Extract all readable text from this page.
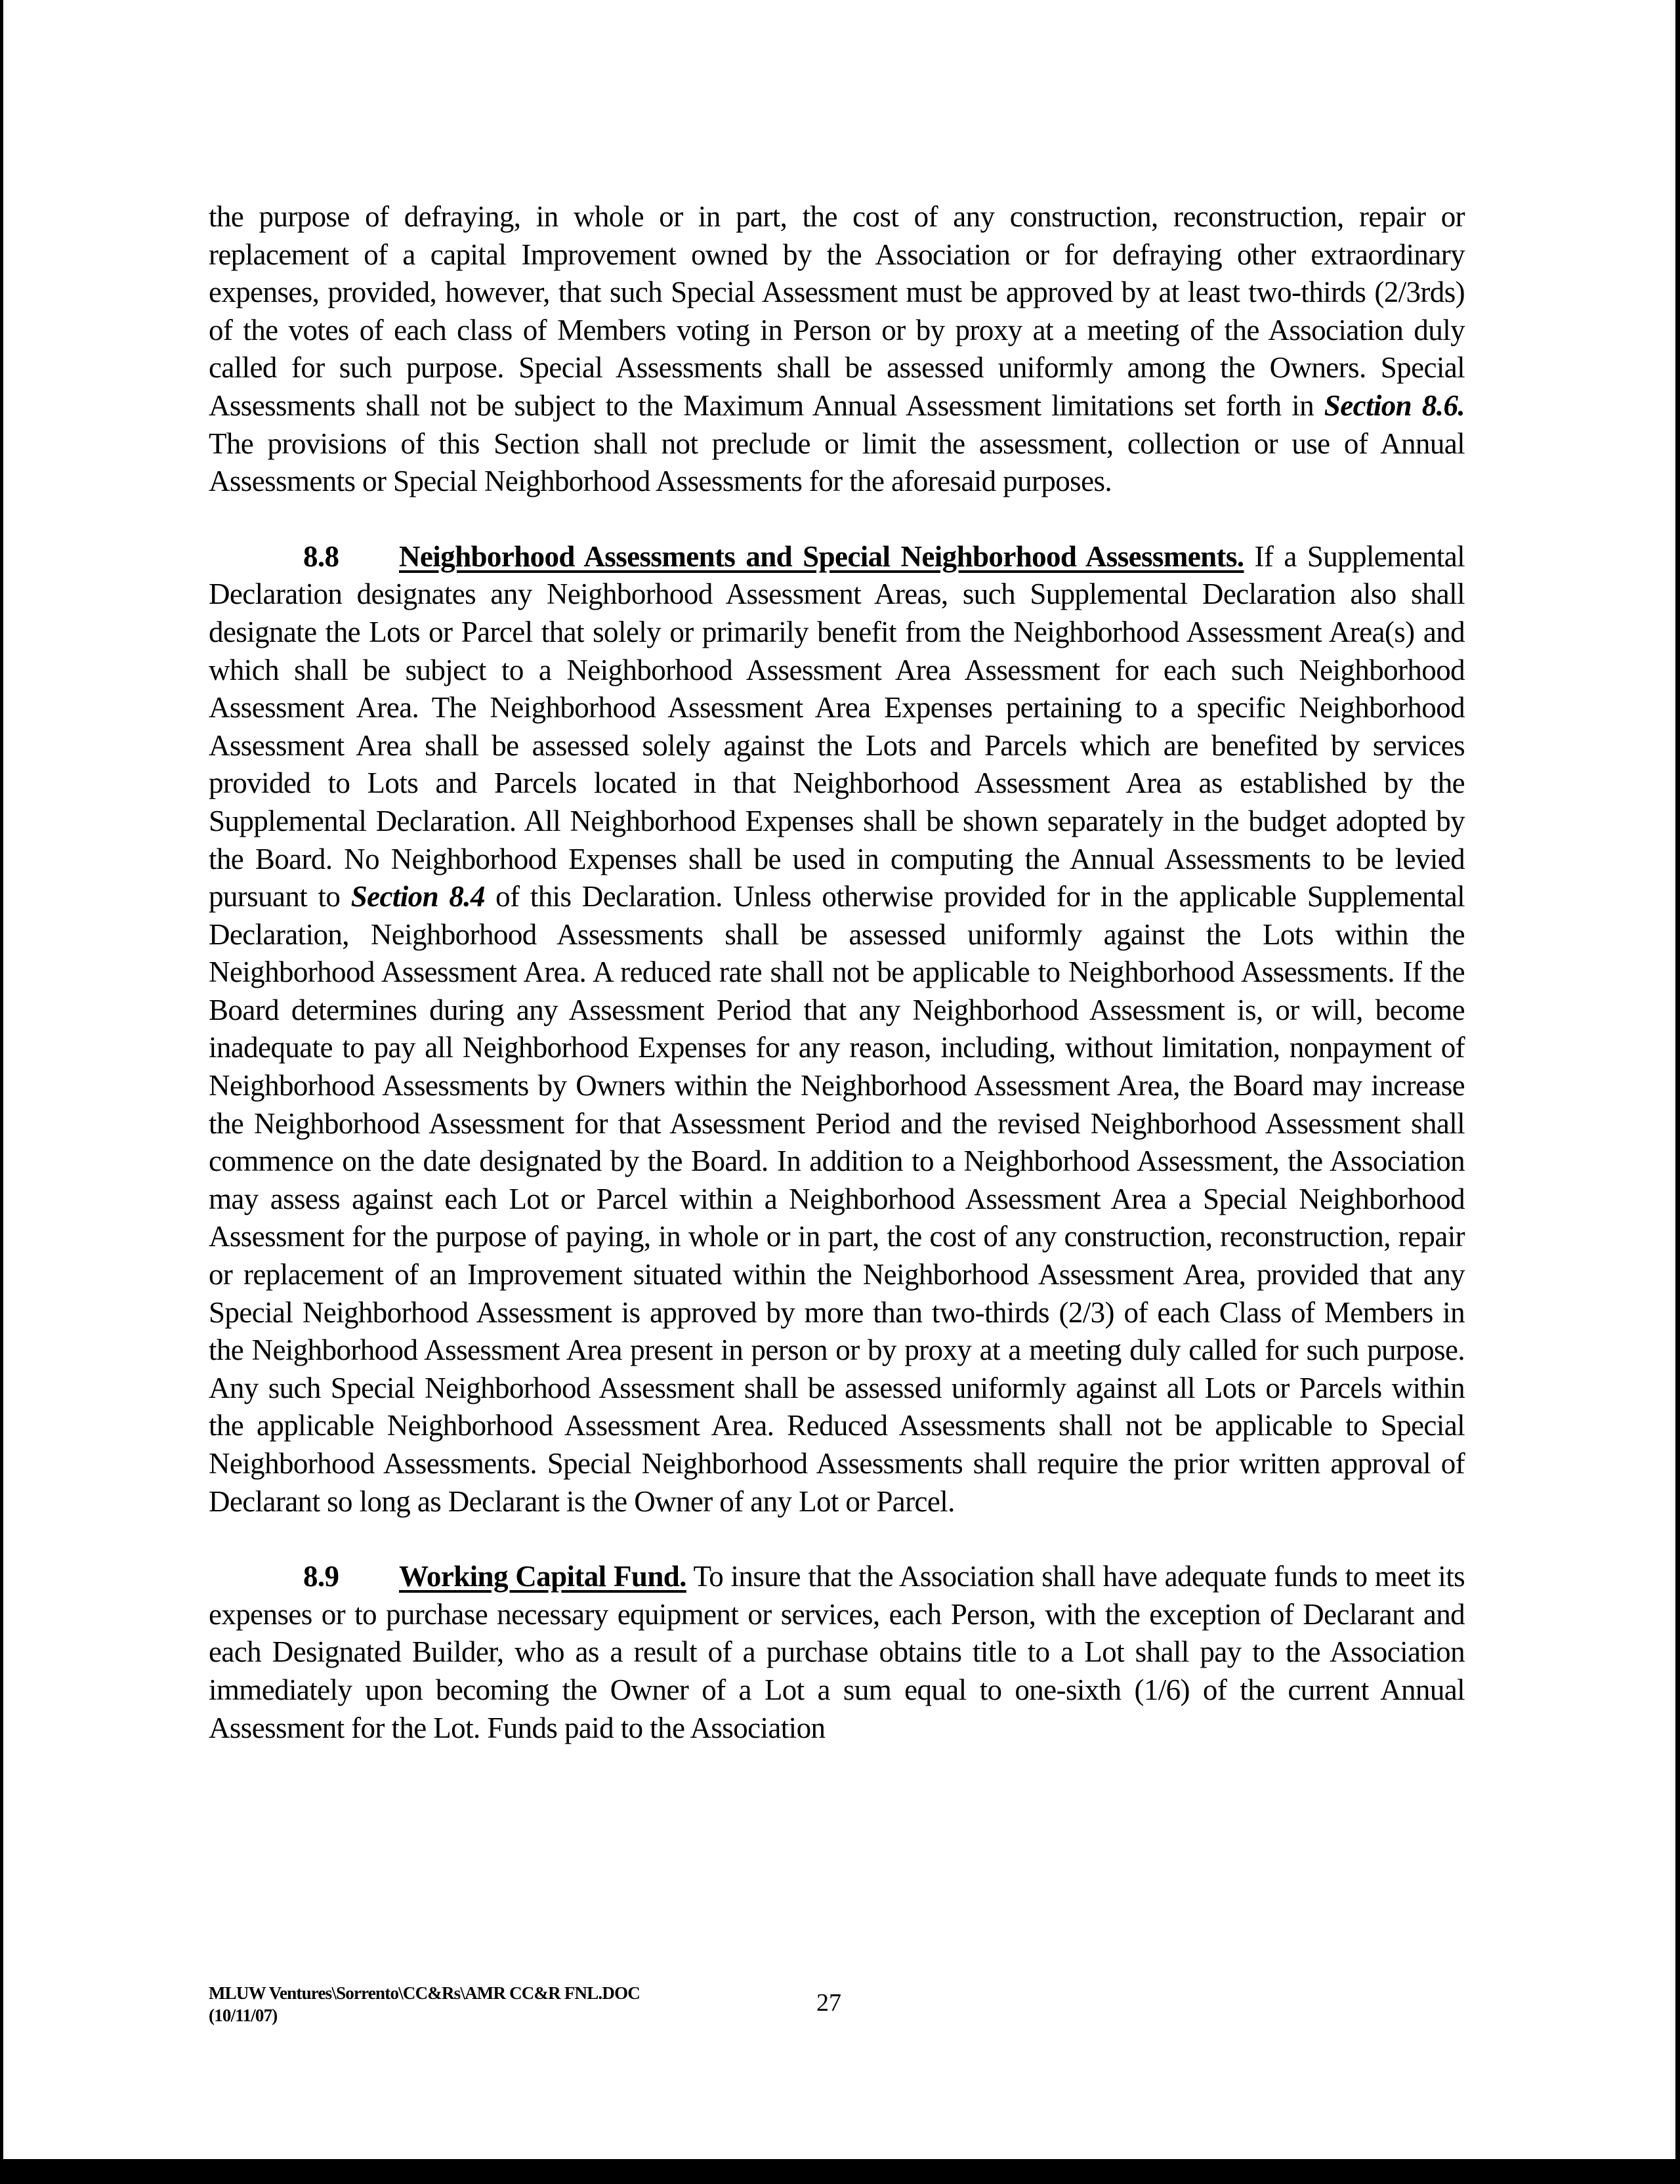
the purpose of defraying, in whole or in part, the cost of any construction, reconstruction, repair or replacement of a capital Improvement owned by the Association or for defraying other extraordinary expenses, provided, however, that such Special Assessment must be approved by at least two-thirds (2/3rds) of the votes of each class of Members voting in Person or by proxy at a meeting of the Association duly called for such purpose. Special Assessments shall be assessed uniformly among the Owners. Special Assessments shall not be subject to the Maximum Annual Assessment limitations set forth in Section 8.6. The provisions of this Section shall not preclude or limit the assessment, collection or use of Annual Assessments or Special Neighborhood Assessments for the aforesaid purposes.

8.8 Neighborhood Assessments and Special Neighborhood Assessments. If a Supplemental Declaration designates any Neighborhood Assessment Areas, such Supplemental Declaration also shall designate the Lots or Parcel that solely or primarily benefit from the Neighborhood Assessment Area(s) and which shall be subject to a Neighborhood Assessment Area Assessment for each such Neighborhood Assessment Area. The Neighborhood Assessment Area Expenses pertaining to a specific Neighborhood Assessment Area shall be assessed solely against the Lots and Parcels which are benefited by services provided to Lots and Parcels located in that Neighborhood Assessment Area as established by the Supplemental Declaration. All Neighborhood Expenses shall be shown separately in the budget adopted by the Board. No Neighborhood Expenses shall be used in computing the Annual Assessments to be levied pursuant to Section 8.4 of this Declaration. Unless otherwise provided for in the applicable Supplemental Declaration, Neighborhood Assessments shall be assessed uniformly against the Lots within the Neighborhood Assessment Area. A reduced rate shall not be applicable to Neighborhood Assessments. If the Board determines during any Assessment Period that any Neighborhood Assessment is, or will, become inadequate to pay all Neighborhood Expenses for any reason, including, without limitation, nonpayment of Neighborhood Assessments by Owners within the Neighborhood Assessment Area, the Board may increase the Neighborhood Assessment for that Assessment Period and the revised Neighborhood Assessment shall commence on the date designated by the Board. In addition to a Neighborhood Assessment, the Association may assess against each Lot or Parcel within a Neighborhood Assessment Area a Special Neighborhood Assessment for the purpose of paying, in whole or in part, the cost of any construction, reconstruction, repair or replacement of an Improvement situated within the Neighborhood Assessment Area, provided that any Special Neighborhood Assessment is approved by more than two-thirds (2/3) of each Class of Members in the Neighborhood Assessment Area present in person or by proxy at a meeting duly called for such purpose. Any such Special Neighborhood Assessment shall be assessed uniformly against all Lots or Parcels within the applicable Neighborhood Assessment Area. Reduced Assessments shall not be applicable to Special Neighborhood Assessments. Special Neighborhood Assessments shall require the prior written approval of Declarant so long as Declarant is the Owner of any Lot or Parcel.

8.9 Working Capital Fund. To insure that the Association shall have adequate funds to meet its expenses or to purchase necessary equipment or services, each Person, with the exception of Declarant and each Designated Builder, who as a result of a purchase obtains title to a Lot shall pay to the Association immediately upon becoming the Owner of a Lot a sum equal to one-sixth (1/6) of the current Annual Assessment for the Lot. Funds paid to the Association

MLUW Ventures\Sorrento\CC&Rs\AMR CC&R FNL.DOC
(10/11/07)	27
